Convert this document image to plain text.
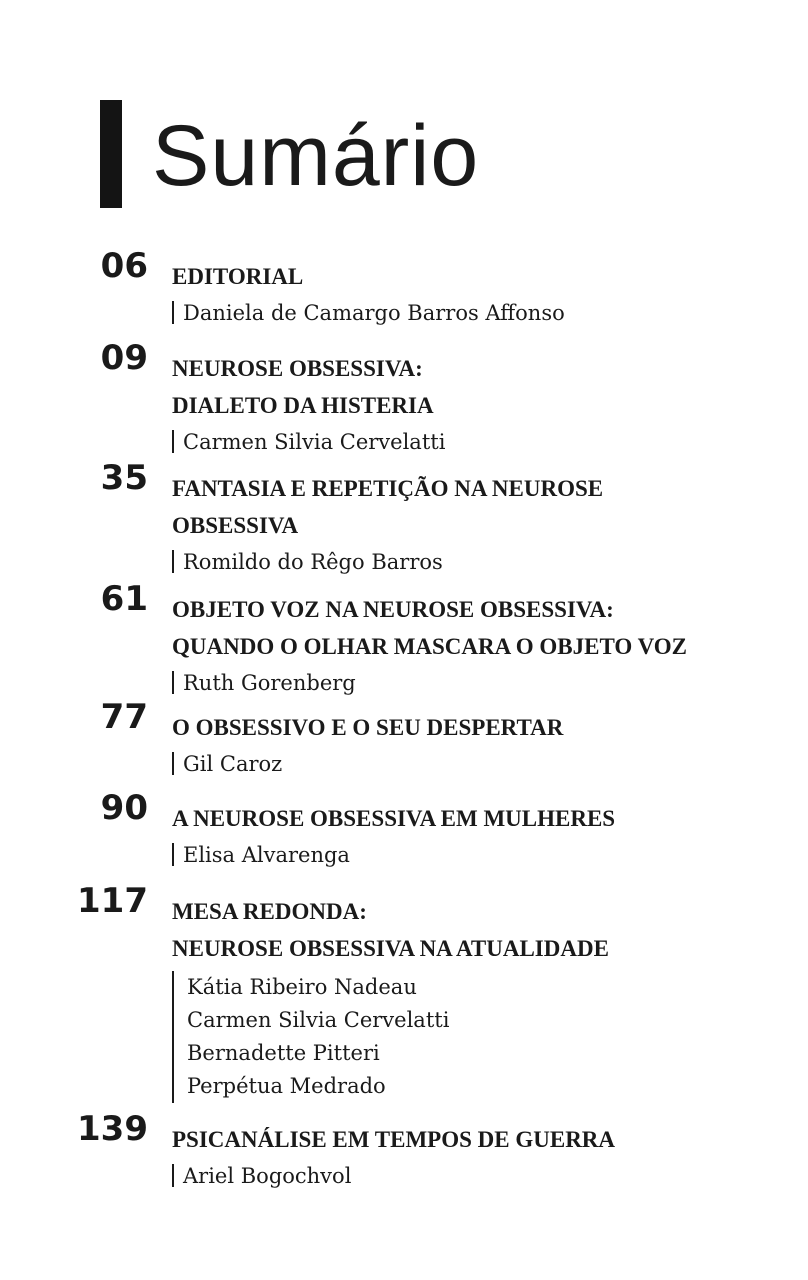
Sumário
06 EDITORIAL
Daniela de Camargo Barros Affonso
09 NEUROSE OBSESSIVA:
DIALETO DA HISTERIA
Carmen Silvia Cervelatti
35 FANTASIA E REPETIÇÃO NA NEUROSE
OBSESSIVA
Romildo do Rêgo Barros
61 OBJETO VOZ NA NEUROSE OBSESSIVA:
QUANDO O OLHAR MASCARA O OBJETO VOZ
Ruth Gorenberg
77 O OBSESSIVO E O SEU DESPERTAR
Gil Caroz
90 A NEUROSE OBSESSIVA EM MULHERES
Elisa Alvarenga
117 MESA REDONDA:
NEUROSE OBSESSIVA NA ATUALIDADE
Kátia Ribeiro Nadeau
Carmen Silvia Cervelatti
Bernadette Pitteri
Perpétua Medrado
139 PSICANÁLISE EM TEMPOS DE GUERRA
Ariel Bogochvol
